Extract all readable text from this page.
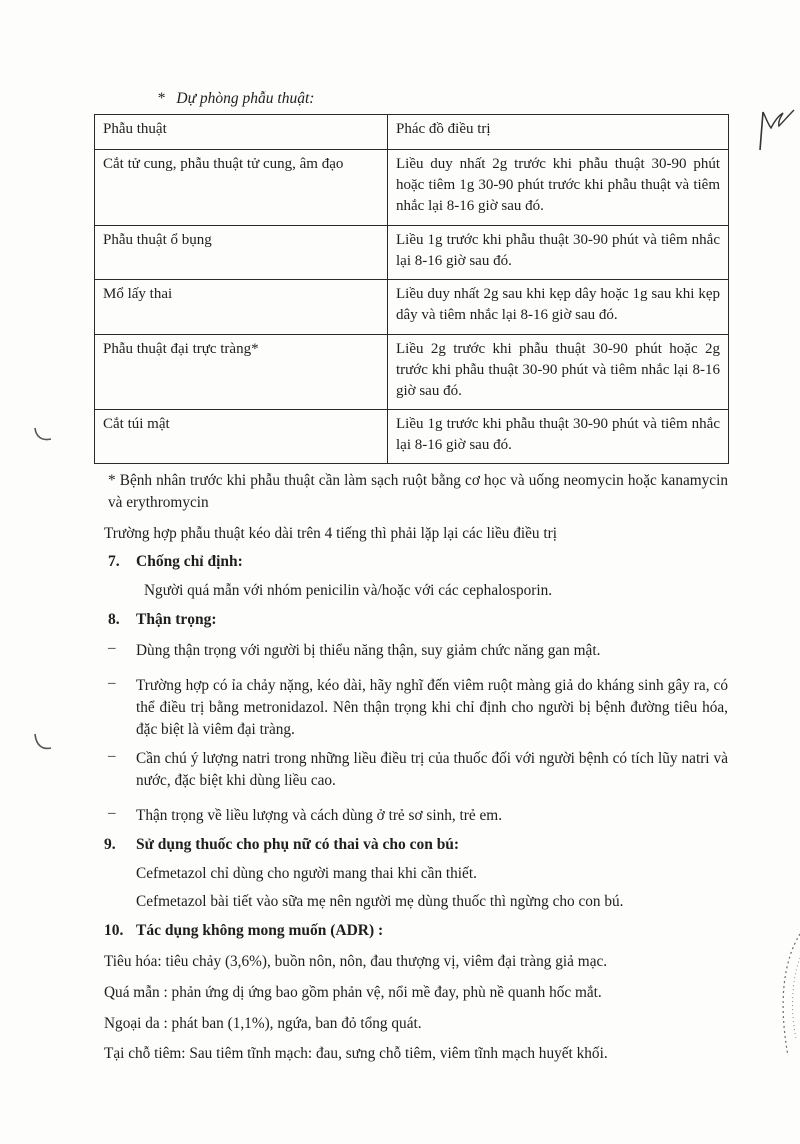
* Dự phòng phẫu thuật:
Phẫu thuật	Phác đồ điều trị
Cắt tử cung, phẫu thuật tử cung, âm đạo	Liều duy nhất 2g trước khi phẫu thuật 30-90 phút hoặc tiêm 1g 30-90 phút trước khi phẫu thuật và tiêm nhắc lại 8-16 giờ sau đó.
Phẫu thuật ổ bụng	Liều 1g trước khi phẫu thuật 30-90 phút và tiêm nhắc lại 8-16 giờ sau đó.
Mổ lấy thai	Liều duy nhất 2g sau khi kẹp dây hoặc 1g sau khi kẹp dây và tiêm nhắc lại 8-16 giờ sau đó.
Phẫu thuật đại trực tràng*	Liều 2g trước khi phẫu thuật 30-90 phút hoặc 2g trước khi phẫu thuật 30-90 phút và tiêm nhắc lại 8-16 giờ sau đó.
Cắt túi mật	Liều 1g trước khi phẫu thuật 30-90 phút và tiêm nhắc lại 8-16 giờ sau đó.
* Bệnh nhân trước khi phẫu thuật cần làm sạch ruột bằng cơ học và uống neomycin hoặc kanamycin và erythromycin
Trường hợp phẫu thuật kéo dài trên 4 tiếng thì phải lặp lại các liều điều trị
7. Chống chỉ định:
Người quá mẫn với nhóm penicilin và/hoặc với các cephalosporin.
8. Thận trọng:
– Dùng thận trọng với người bị thiểu năng thận, suy giảm chức năng gan mật.
– Trường hợp có ỉa chảy nặng, kéo dài, hãy nghĩ đến viêm ruột màng giả do kháng sinh gây ra, có thể điều trị bằng metronidazol. Nên thận trọng khi chỉ định cho người bị bệnh đường tiêu hóa, đặc biệt là viêm đại tràng.
– Cần chú ý lượng natri trong những liều điều trị của thuốc đối với người bệnh có tích lũy natri và nước, đặc biệt khi dùng liều cao.
– Thận trọng về liều lượng và cách dùng ở trẻ sơ sinh, trẻ em.
9. Sử dụng thuốc cho phụ nữ có thai và cho con bú:
Cefmetazol chỉ dùng cho người mang thai khi cần thiết.
Cefmetazol bài tiết vào sữa mẹ nên người mẹ dùng thuốc thì ngừng cho con bú.
10. Tác dụng không mong muốn (ADR) :
Tiêu hóa: tiêu chảy (3,6%), buồn nôn, nôn, đau thượng vị, viêm đại tràng giả mạc.
Quá mẫn : phản ứng dị ứng bao gồm phản vệ, nổi mề đay, phù nề quanh hốc mắt.
Ngoại da : phát ban (1,1%), ngứa, ban đỏ tổng quát.
Tại chỗ tiêm: Sau tiêm tĩnh mạch: đau, sưng chỗ tiêm, viêm tĩnh mạch huyết khối.
